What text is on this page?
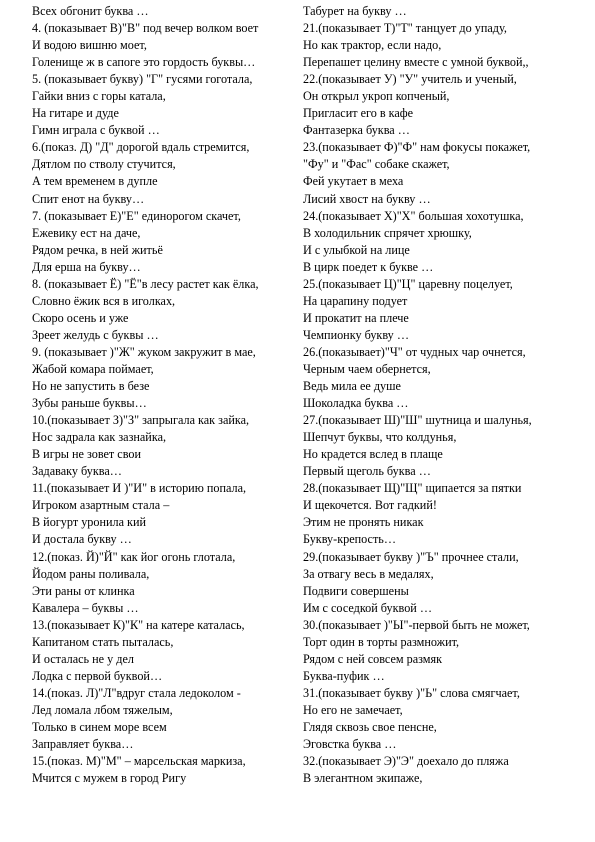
Всех обгонит буква …
4. (показывает В)"В" под вечер волком воет
И водою вишню моет,
Голенище ж в сапоге это гордость буквы…
5. (показывает букву) "Г" гусями гоготала,
Гайки вниз с горы катала,
На гитаре и дуде
Гимн играла с буквой …
6.(показ. Д) "Д" дорогой вдаль стремится,
Дятлом по стволу стучится,
А тем временем в дупле
Спит енот на букву…
7. (показывает Е)"Е" единорогом скачет,
Ежевику ест на даче,
Рядом речка, в ней житьё
Для ерша на букву…
8. (показывает Ё) "Ё"в лесу растет как ёлка,
Словно ёжик вся в иголках,
Скоро осень и уже
Зреет желудь с буквы …
9. (показывает )"Ж" жуком закружит в мае,
Жабой комара поймает,
Но не запустить в безе
Зубы раньше буквы…
10.(показывает З)"З" запрыгала как зайка,
Нос задрала как зазнайка,
В игры не зовет свои
Задаваку буква…
11.(показывает И )"И" в историю попала,
Игроком азартным стала –
В йогурт уронила кий
И достала букву …
12.(показ. Й)"Й" как йог огонь глотала,
Йодом раны поливала,
Эти раны от клинка
Кавалера – буквы …
13.(показывает К)"К" на катере каталась,
Капитаном стать пыталась,
И осталась не у дел
Лодка с первой буквой…
14.(показ. Л)"Л"вдруг стала ледоколом -
Лед ломала лбом тяжелым,
Только в синем море всем
Заправляет буква…
15.(показ. М)"М" – марсельская маркиза,
Мчится с мужем в город Ригу
Табурет на букву …
21.(показывает Т)"Т" танцует до упаду,
Но как трактор, если надо,
Перепашет целину вместе с умной буквой,,
22.(показывает У) "У" учитель и ученый,
Он открыл укроп копченый,
Пригласит его в кафе
Фантазерка буква …
23.(показывает Ф)"Ф" нам фокусы покажет,
"Фу" и "Фас" собаке скажет,
Фей укутает в меха
Лисий хвост на букву …
24.(показывает Х)"Х" большая хохотушка,
В холодильник спрячет хрюшку,
И с улыбкой на лице
В цирк поедет к букве …
25.(показывает Ц)"Ц" царевну поцелует,
На царапину подует
И прокатит на плече
Чемпионку букву …
26.(показывает)"Ч" от чудных чар очнется,
Черным чаем обернется,
Ведь мила ее душе
Шоколадка буква …
27.(показывает Ш)"Ш" шутница и шалунья,
Шепчут буквы, что колдунья,
Но крадется вслед в плаще
Первый щеголь буква …
28.(показывает Щ)"Щ" щипается за пятки
И щекочется. Вот гадкий!
Этим не пронять никак
Букву-крепость…
29.(показывает букву )"Ъ" прочнее стали,
За отвагу весь в медалях,
Подвиги совершены
Им с соседкой буквой …
30.(показывает )"Ы"-первой быть не может,
Торт один в торты размножит,
Рядом с ней совсем размяк
Буква-пуфик …
31.(показывает букву )"Ь" слова смягчает,
Но его не замечает,
Глядя сквозь свое пенсне,
Эговстка буква …
32.(показывает Э)"Э" доехало до пляжа
В элегантном экипаже,
